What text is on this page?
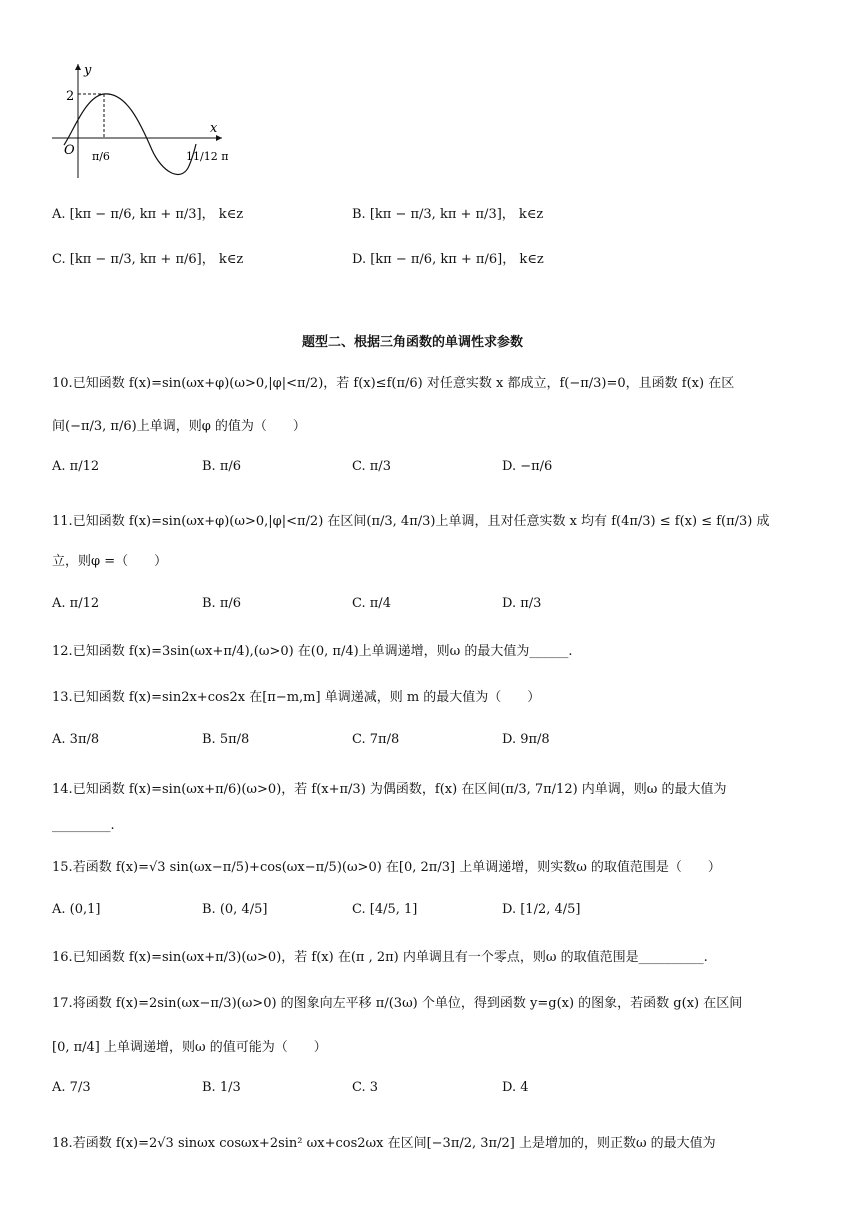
y
x
O
2
π/6	11/12 π
A. [kπ − π/6, kπ + π/3]， k∈z	B. [kπ − π/3, kπ + π/3]， k∈z
C. [kπ − π/3, kπ + π/6]， k∈z	D. [kπ − π/6, kπ + π/6]， k∈z
题型二、根据三角函数的单调性求参数
10.已知函数 f(x)=sin(ωx+φ)(ω>0,|φ|<π/2)，若 f(x)≤f(π/6) 对任意实数 x 都成立，f(−π/3)=0，且函数 f(x) 在区
间(−π/3, π/6)上单调，则φ 的值为（　　）
A. π/12	B. π/6	C. π/3	D. −π/6
11.已知函数 f(x)=sin(ωx+φ)(ω>0,|φ|<π/2) 在区间(π/3, 4π/3)上单调，且对任意实数 x 均有 f(4π/3) ≤ f(x) ≤ f(π/3) 成
立，则φ =（　　）
A. π/12	B. π/6	C. π/4	D. π/3
12.已知函数 f(x)=3sin(ωx+π/4),(ω>0) 在(0, π/4)上单调递增，则ω 的最大值为______.
13.已知函数 f(x)=sin2x+cos2x 在[π−m,m] 单调递减，则 m 的最大值为（　　）
A. 3π/8	B. 5π/8	C. 7π/8	D. 9π/8
14.已知函数 f(x)=sin(ωx+π/6)(ω>0)，若 f(x+π/3) 为偶函数，f(x) 在区间(π/3, 7π/12) 内单调，则ω 的最大值为
_________.
15.若函数 f(x)=√3 sin(ωx−π/5)+cos(ωx−π/5)(ω>0) 在[0, 2π/3] 上单调递增，则实数ω 的取值范围是（　　）
A. (0,1]	B. (0, 4/5]	C. [4/5, 1]	D. [1/2, 4/5]
16.已知函数 f(x)=sin(ωx+π/3)(ω>0)，若 f(x) 在(π , 2π) 内单调且有一个零点，则ω 的取值范围是__________.
17.将函数 f(x)=2sin(ωx−π/3)(ω>0) 的图象向左平移 π/(3ω) 个单位，得到函数 y=g(x) 的图象，若函数 g(x) 在区间
[0, π/4] 上单调递增，则ω 的值可能为（　　）
A. 7/3	B. 1/3	C. 3	D. 4
18.若函数 f(x)=2√3 sinωx cosωx+2sin² ωx+cos2ωx 在区间[−3π/2, 3π/2] 上是增加的，则正数ω 的最大值为
